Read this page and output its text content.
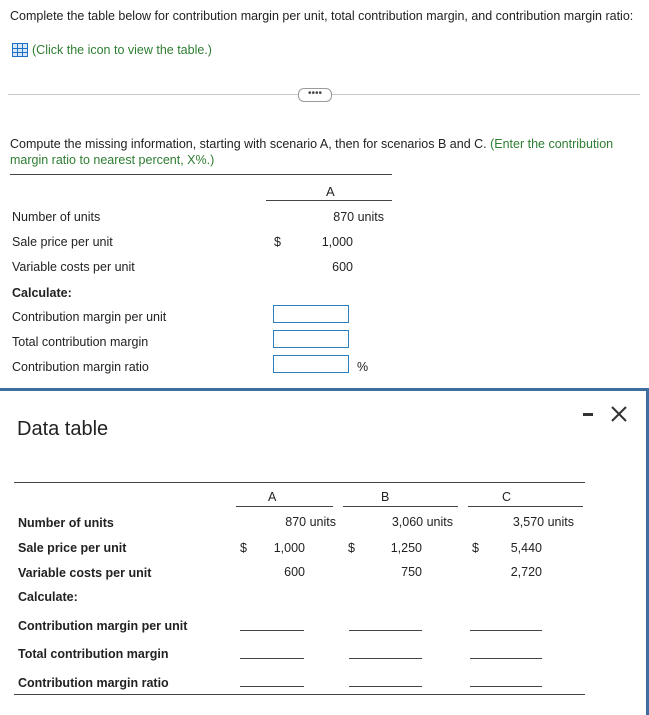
Complete the table below for contribution margin per unit, total contribution margin, and contribution margin ratio:
(Click the icon to view the table.)
••••
Compute the missing information, starting with scenario A, then for scenarios B and C. (Enter the contribution margin ratio to nearest percent, X%.)
A
Number of units	870 units
Sale price per unit	$	1,000
Variable costs per unit	600
Calculate:
Contribution margin per unit
Total contribution margin
Contribution margin ratio	%
Data table
A	B	C
Number of units	870 units	3,060 units	3,570 units
Sale price per unit	$	1,000	$	1,250	$	5,440
Variable costs per unit	600	750	2,720
Calculate:
Contribution margin per unit
Total contribution margin
Contribution margin ratio
